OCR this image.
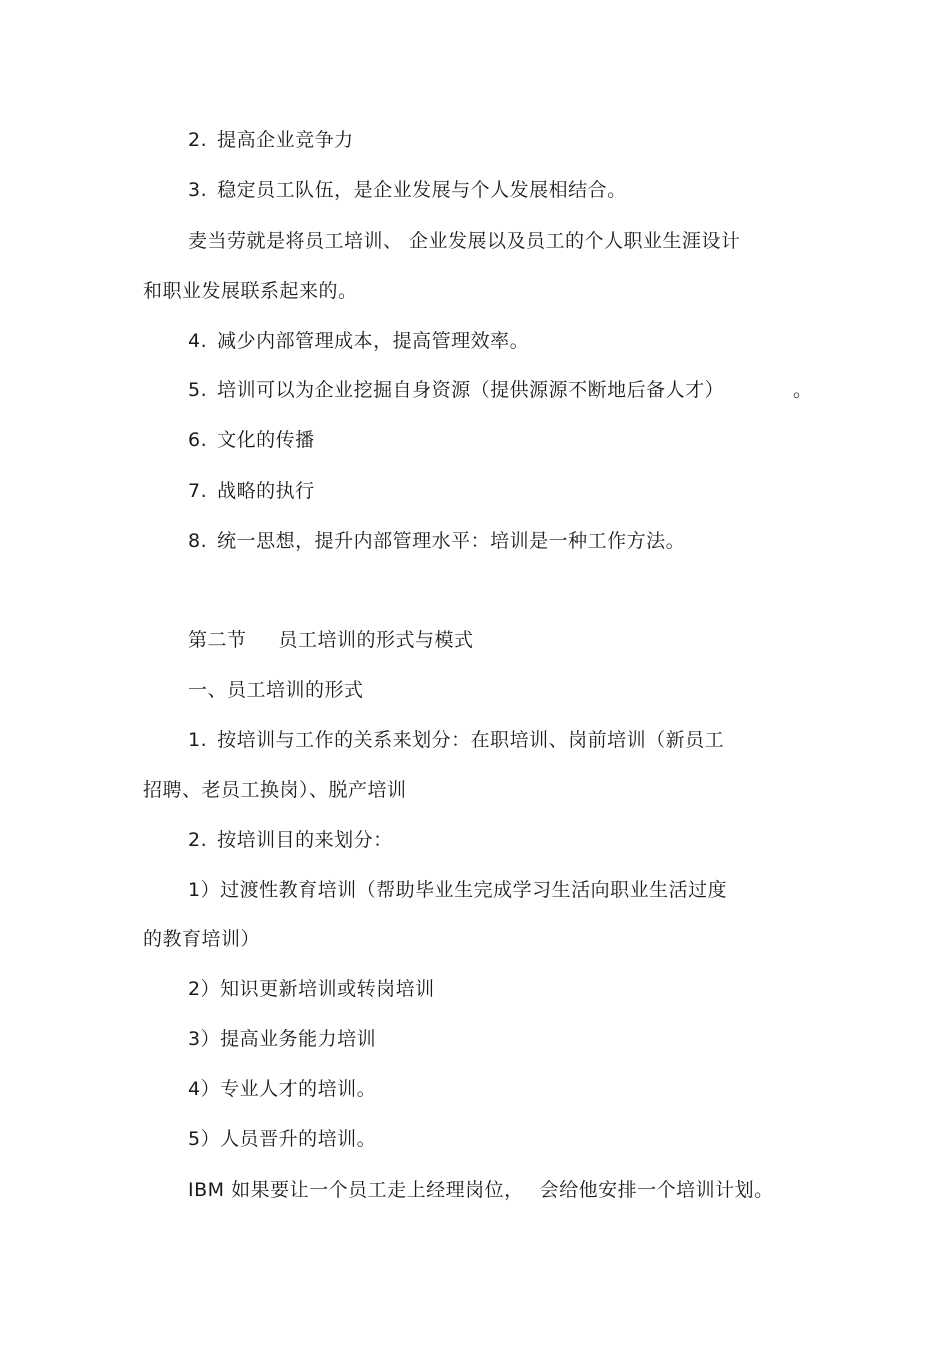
2. 提高企业竞争力
3. 稳定员工队伍，是企业发展与个人发展相结合。
麦当劳就是将员工培训、 企业发展以及员工的个人职业生涯设计
和职业发展联系起来的。
4. 减少内部管理成本，提高管理效率。
5. 培训可以为企业挖掘自身资源（提供源源不断地后备人才）	。
6. 文化的传播
7. 战略的执行
8. 统一思想，提升内部管理水平：培训是一种工作方法。
第二节 员工培训的形式与模式
一、员工培训的形式
1. 按培训与工作的关系来划分：在职培训、岗前培训（新员工
招聘、老员工换岗）、脱产培训
2. 按培训目的来划分：
1）过渡性教育培训（帮助毕业生完成学习生活向职业生活过度
的教育培训）
2）知识更新培训或转岗培训
3）提高业务能力培训
4）专业人才的培训。
5）人员晋升的培训。
IBM 如果要让一个员工走上经理岗位， 会给他安排一个培训计划。
